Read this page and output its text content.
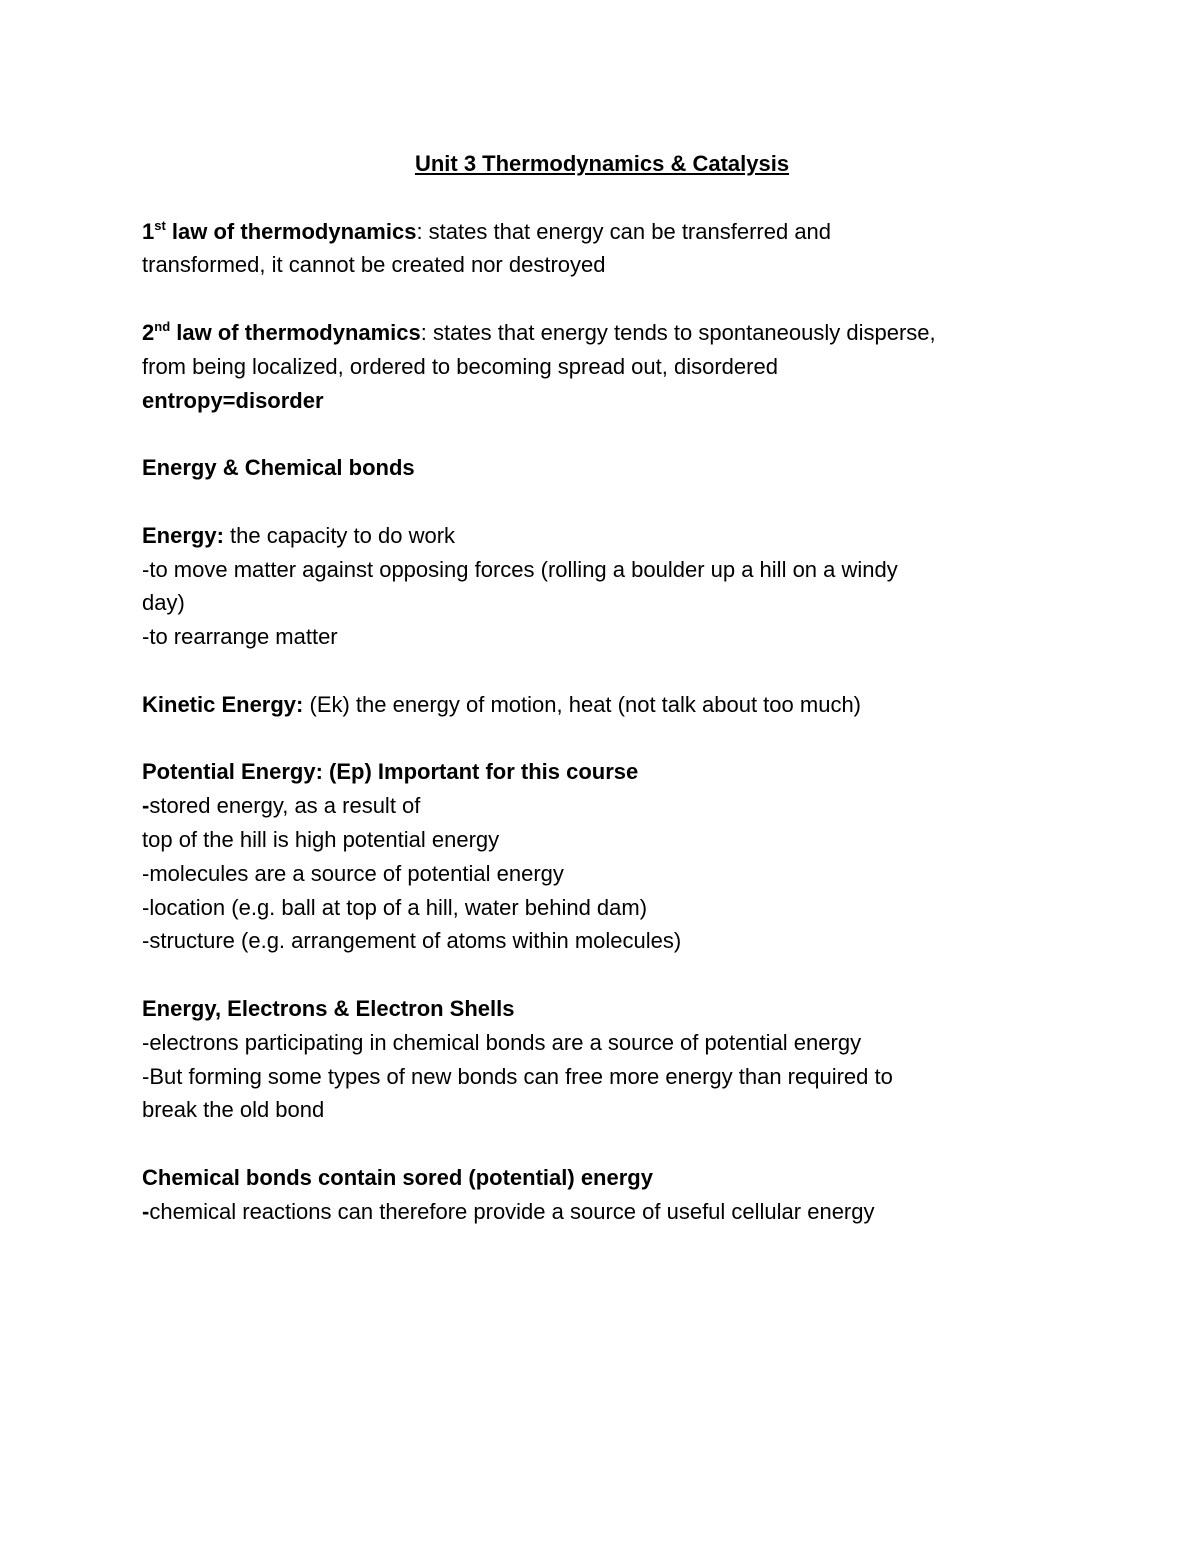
Unit 3 Thermodynamics & Catalysis

1st law of thermodynamics: states that energy can be transferred and

transformed, it cannot be created nor destroyed

2nd law of thermodynamics: states that energy tends to spontaneously disperse,

from being localized, ordered to becoming spread out, disordered

entropy=disorder

Energy & Chemical bonds

Energy: the capacity to do work

-to move matter against opposing forces (rolling a boulder up a hill on a windy

day)

-to rearrange matter

Kinetic Energy: (Ek) the energy of motion, heat (not talk about too much)

Potential Energy: (Ep) Important for this course

-stored energy, as a result of

top of the hill is high potential energy

-molecules are a source of potential energy

-location (e.g. ball at top of a hill, water behind dam)

-structure (e.g. arrangement of atoms within molecules)

Energy, Electrons & Electron Shells

-electrons participating in chemical bonds are a source of potential energy

-But forming some types of new bonds can free more energy than required to

break the old bond

Chemical bonds contain sored (potential) energy

-chemical reactions can therefore provide a source of useful cellular energy
